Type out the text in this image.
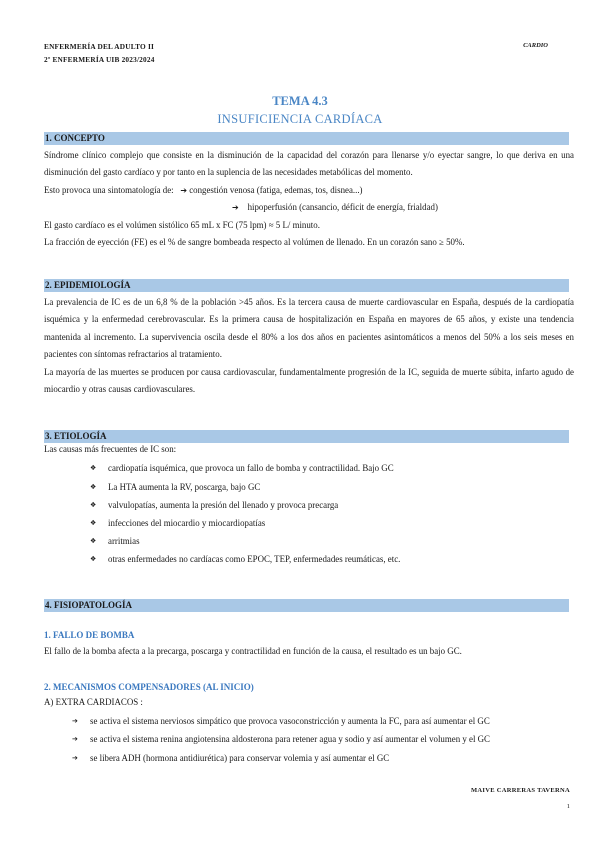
ENFERMERÍA DEL ADULTO II
2º ENFERMERÍA UIB 2023/2024
CARDIO
TEMA 4.3
INSUFICIENCIA CARDÍACA
1. CONCEPTO
Síndrome clínico complejo que consiste en la disminución de la capacidad del corazón para llenarse y/o eyectar sangre, lo que deriva en una disminución del gasto cardíaco y por tanto en la suplencia de las necesidades metabólicas del momento.
Esto provoca una sintomatología de: ➔ congestión venosa (fatiga, edemas, tos, disnea...)
➔ hipoperfusión (cansancio, déficit de energía, frialdad)
El gasto cardíaco es el volúmen sistólico 65 mL x FC (75 lpm) ≈ 5 L/ minuto.
La fracción de eyección (FE) es el % de sangre bombeada respecto al volúmen de llenado. En un corazón sano ≥ 50%.
2. EPIDEMIOLOGÍA
La prevalencia de IC es de un 6,8 % de la población >45 años. Es la tercera causa de muerte cardiovascular en España, después de la cardiopatía isquémica y la enfermedad cerebrovascular. Es la primera causa de hospitalización en España en mayores de 65 años, y existe una tendencia mantenida al incremento. La supervivencia oscila desde el 80% a los dos años en pacientes asintomáticos a menos del 50% a los seis meses en pacientes con síntomas refractarios al tratamiento.
La mayoría de las muertes se producen por causa cardiovascular, fundamentalmente progresión de la IC, seguida de muerte súbita, infarto agudo de miocardio y otras causas cardiovasculares.
3. ETIOLOGÍA
Las causas más frecuentes de IC son:
❖ cardiopatía isquémica, que provoca un fallo de bomba y contractilidad. Bajo GC
❖ La HTA aumenta la RV, poscarga, bajo GC
❖ valvulopatías, aumenta la presión del llenado y provoca precarga
❖ infecciones del miocardio y miocardiopatías
❖ arritmias
❖ otras enfermedades no cardíacas como EPOC, TEP, enfermedades reumáticas, etc.
4. FISIOPATOLOGÍA
1. FALLO DE BOMBA
El fallo de la bomba afecta a la precarga, poscarga y contractilidad en función de la causa, el resultado es un bajo GC.
2. MECANISMOS COMPENSADORES (AL INICIO)
A) EXTRA CARDIACOS :
➔ se activa el sistema nerviosos simpático que provoca vasoconstricción y aumenta la FC, para así aumentar el GC
➔ se activa el sistema renina angiotensina aldosterona para retener agua y sodio y así aumentar el volumen y el GC
➔ se libera ADH (hormona antidiurética) para conservar volemia y así aumentar el GC
MAIVE CARRERAS TAVERNA
1
